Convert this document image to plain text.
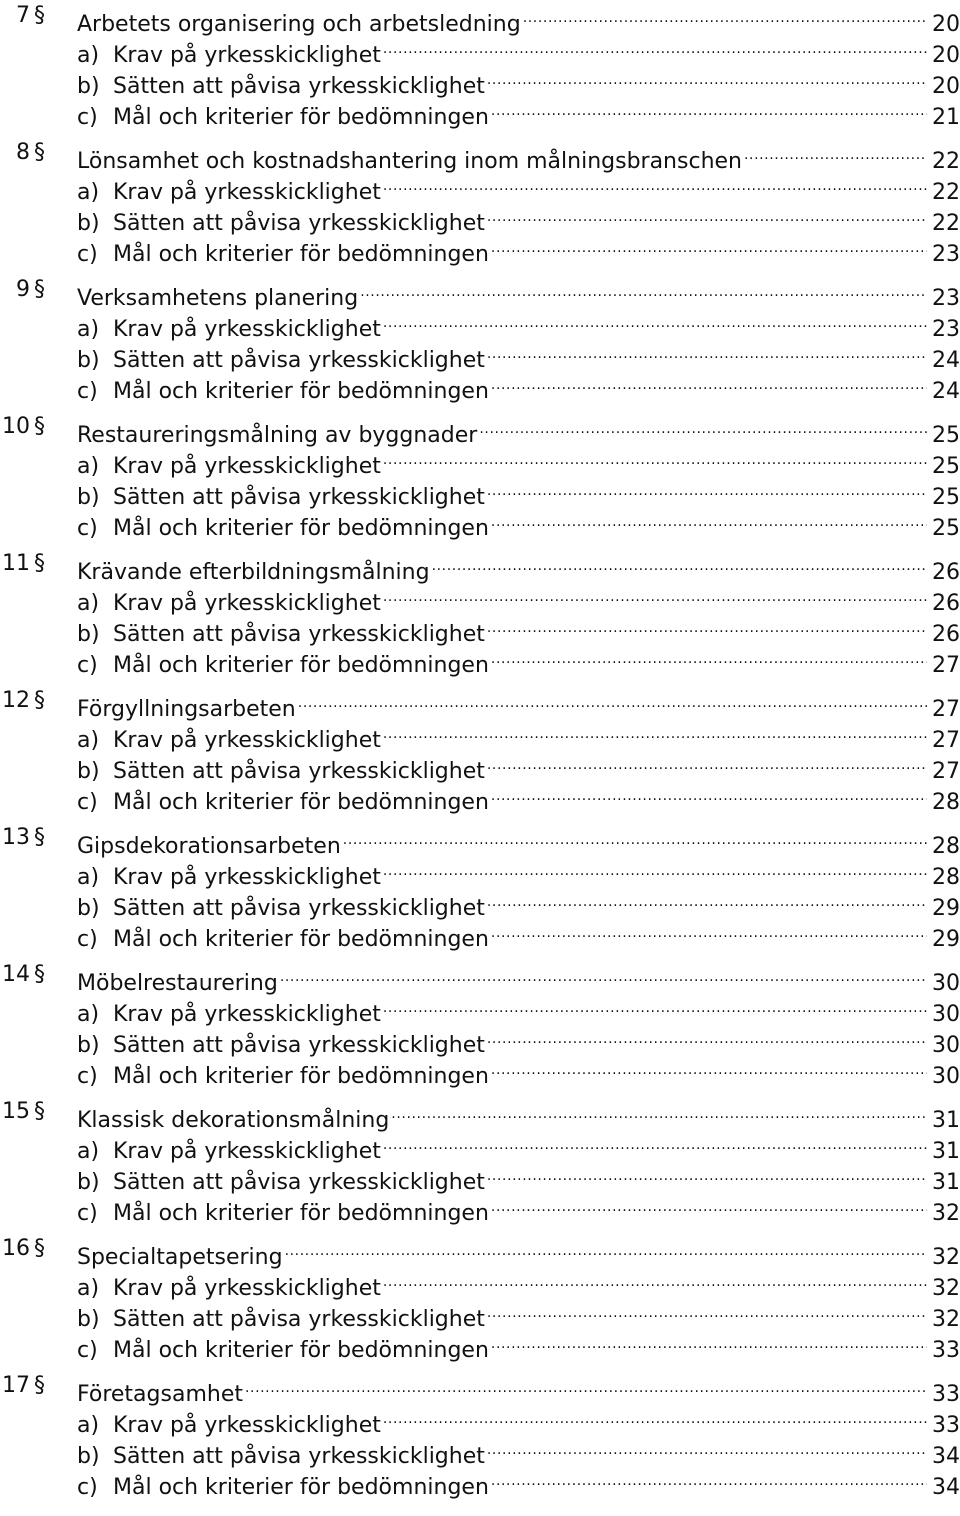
7 §	Arbetets organisering och arbetsledning .....	20
a) Krav på yrkesskicklighet .....	20
b) Sätten att påvisa yrkesskicklighet .....	20
c) Mål och kriterier för bedömningen .....	21
8 §	Lönsamhet och kostnadshantering inom målningsbranschen .....	22
a) Krav på yrkesskicklighet .....	22
b) Sätten att påvisa yrkesskicklighet .....	22
c) Mål och kriterier för bedömningen .....	23
9 §	Verksamhetens planering .....	23
a) Krav på yrkesskicklighet .....	23
b) Sätten att påvisa yrkesskicklighet .....	24
c) Mål och kriterier för bedömningen .....	24
10 §	Restaureringsmålning av byggnader .....	25
a) Krav på yrkesskicklighet .....	25
b) Sätten att påvisa yrkesskicklighet .....	25
c) Mål och kriterier för bedömningen .....	25
11 §	Krävande efterbildningsmålning .....	26
a) Krav på yrkesskicklighet .....	26
b) Sätten att påvisa yrkesskicklighet .....	26
c) Mål och kriterier för bedömningen .....	27
12 §	Förgyllningsarbeten .....	27
a) Krav på yrkesskicklighet .....	27
b) Sätten att påvisa yrkesskicklighet .....	27
c) Mål och kriterier för bedömningen .....	28
13 §	Gipsdekorationsarbeten .....	28
a) Krav på yrkesskicklighet .....	28
b) Sätten att påvisa yrkesskicklighet .....	29
c) Mål och kriterier för bedömningen .....	29
14 §	Möbelrestaurering .....	30
a) Krav på yrkesskicklighet .....	30
b) Sätten att påvisa yrkesskicklighet .....	30
c) Mål och kriterier för bedömningen .....	30
15 §	Klassisk dekorationsmålning .....	31
a) Krav på yrkesskicklighet .....	31
b) Sätten att påvisa yrkesskicklighet .....	31
c) Mål och kriterier för bedömningen .....	32
16 §	Specialtapetsering .....	32
a) Krav på yrkesskicklighet .....	32
b) Sätten att påvisa yrkesskicklighet .....	32
c) Mål och kriterier för bedömningen .....	33
17 §	Företagsamhet .....	33
a) Krav på yrkesskicklighet .....	33
b) Sätten att påvisa yrkesskicklighet .....	34
c) Mål och kriterier för bedömningen .....	34
